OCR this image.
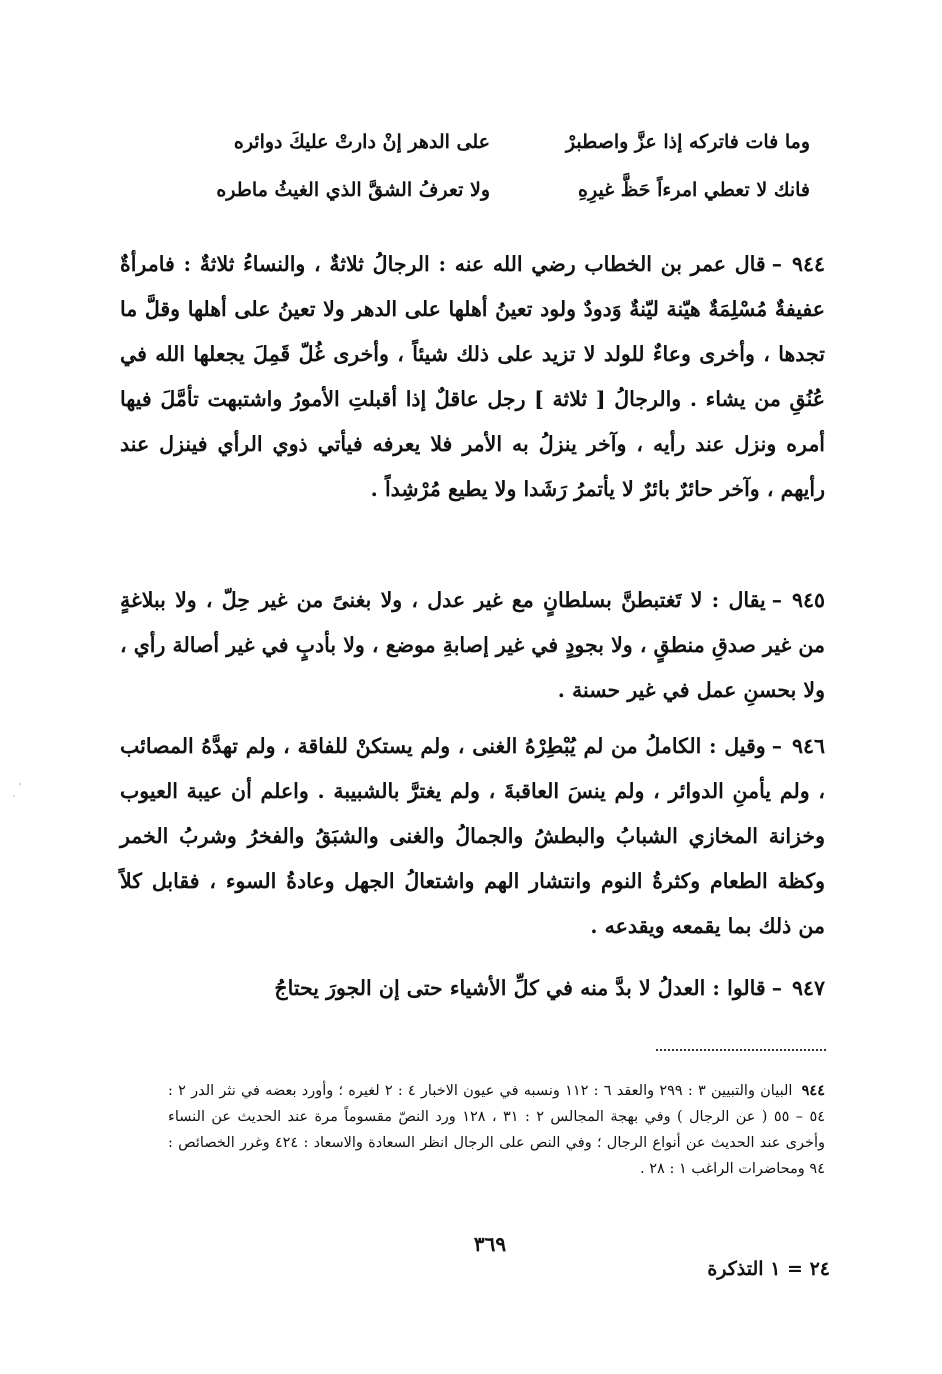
وما فات فاتركه إذا عزَّ واصطبرْ
على الدهر إنْ دارتْ عليكَ دوائره
فانك لا تعطي امرءاً حَظَّ غيرِهِ
ولا تعرفُ الشقَّ الذي الغيثُ ماطره
٩٤٤–قال عمر بن الخطاب رضي الله عنه : الرجالُ ثلاثةٌ ، والنساءُ ثلاثةٌ : فامرأةٌ عفيفةٌ مُسْلِمَةٌ هيّنة ليّنةٌ وَدودٌ ولود تعينُ أهلها على الدهر ولا تعينُ على أهلها وقلَّ ما تجدها ، وأخرى وعاءٌ للولد لا تزيد على ذلك شيئاً ، وأخرى غُلّ قَمِلَ يجعلها الله في عُنُقِ من يشاء . والرجالُ [ ثلاثة ] رجل عاقلٌ إذا أقبلتِ الأمورُ واشتبهت تأمَّلَ فيها أمره ونزل عند رأيه ، وآخر ينزلُ به الأمر فلا يعرفه فيأتي ذوي الرأي فينزل عند رأيهم ، وآخر حائرٌ بائرٌ لا يأتمرُ رَشَدا ولا يطيع مُرْشِداً .
٩٤٥–يقال : لا تَغتبطنَّ بسلطانٍ مع غير عدل ، ولا بغنىً من غير حِلّ ، ولا ببلاغةٍ من غير صدقِ منطقٍ ، ولا بجودٍ في غير إصابةِ موضع ، ولا بأدبٍ في غير أصالة رأي ، ولا بحسنِ عمل في غير حسنة .
٩٤٦–وقيل : الكاملُ من لم يُبْطِرْهُ الغنى ، ولم يستكنْ للفاقة ، ولم تهدَّهُ المصائب ، ولم يأمنِ الدوائر ، ولم ينسَ العاقبةَ ، ولم يغترَّ بالشبيبة . واعلم أن عيبة العيوب وخزانة المخازي الشبابُ والبطشُ والجمالُ والغنى والشبَقُ والفخرُ وشربُ الخمر وكظة الطعام وكثرةُ النوم وانتشار الهم واشتعالُ الجهل وعادةُ السوء ، فقابل كلاً من ذلك بما يقمعه ويقدعه .
٩٤٧–قالوا : العدلُ لا بدَّ منه في كلِّ الأشياء حتى إن الجورَ يحتاجُ
٩٤٤ البيان والتبيين ٣ : ٢٩٩ والعقد ٦ : ١١٢ ونسبه في عيون الاخبار ٤ : ٢ لغيره ؛ وأورد بعضه في نثر الدر ٢ : ٥٤ – ٥٥ ( عن الرجال ) وفي بهجة المجالس ٢ : ٣١ ، ١٢٨ ورد النصّ مقسوماً مرة عند الحديث عن النساء وأخرى عند الحديث عن أنواع الرجال ؛ وفي النص على الرجال انظر السعادة والاسعاد : ٤٢٤ وغرر الخصائص : ٩٤ ومحاضرات الراغب ١ : ٢٨ .
٣٦٩
٢٤ = ١ التذكرة
